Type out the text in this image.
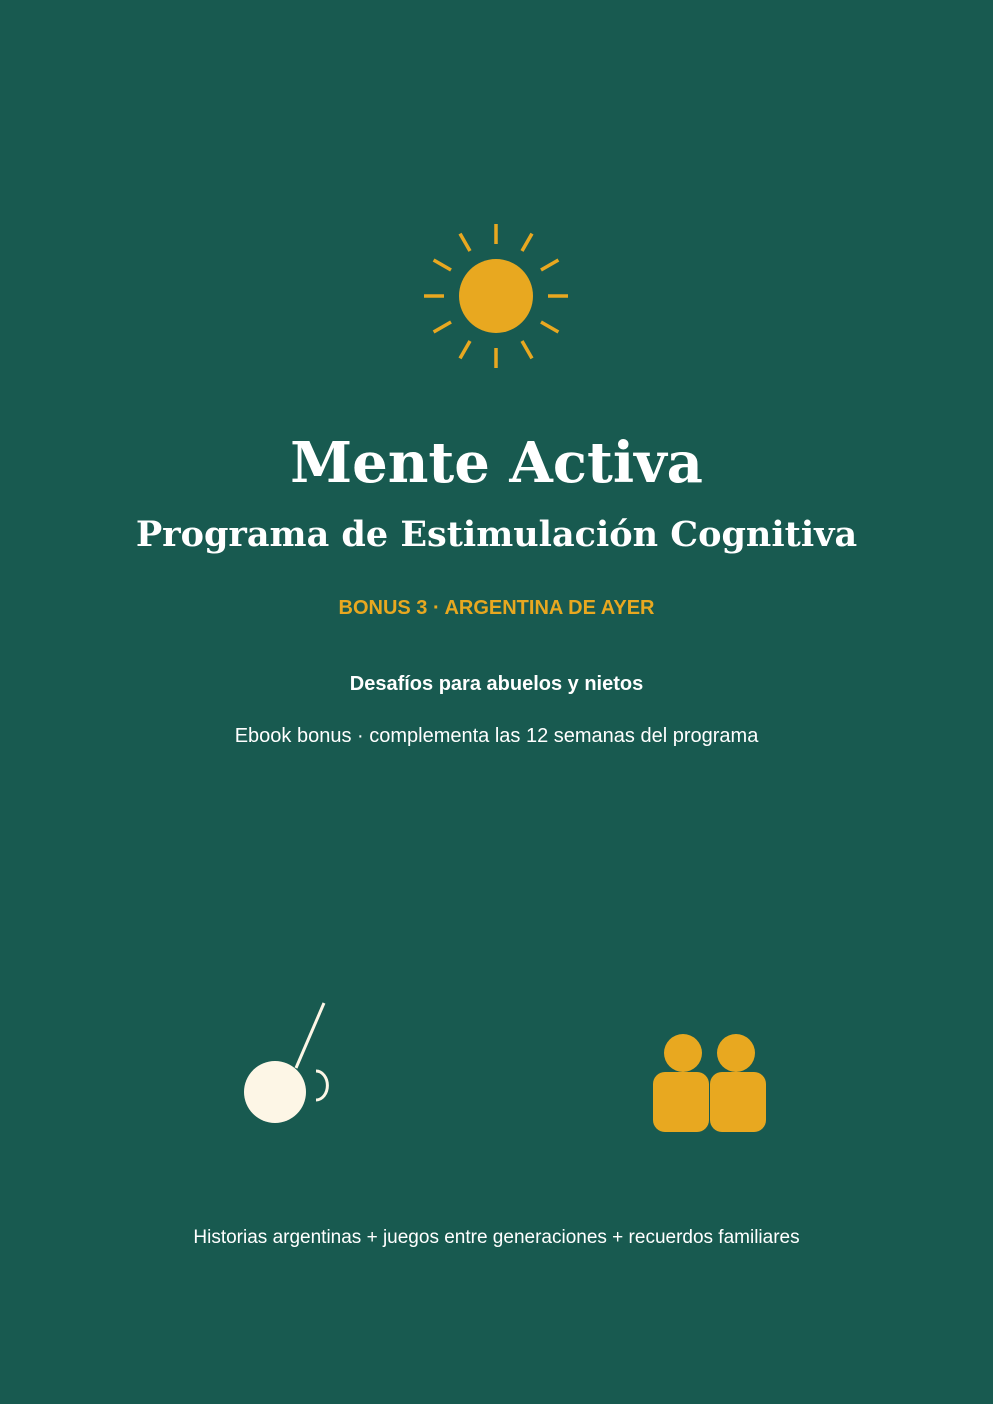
Mente Activa
Programa de Estimulación Cognitiva
BONUS 3 · ARGENTINA DE AYER
Desafíos para abuelos y nietos
Ebook bonus · complementa las 12 semanas del programa
Historias argentinas + juegos entre generaciones + recuerdos familiares
